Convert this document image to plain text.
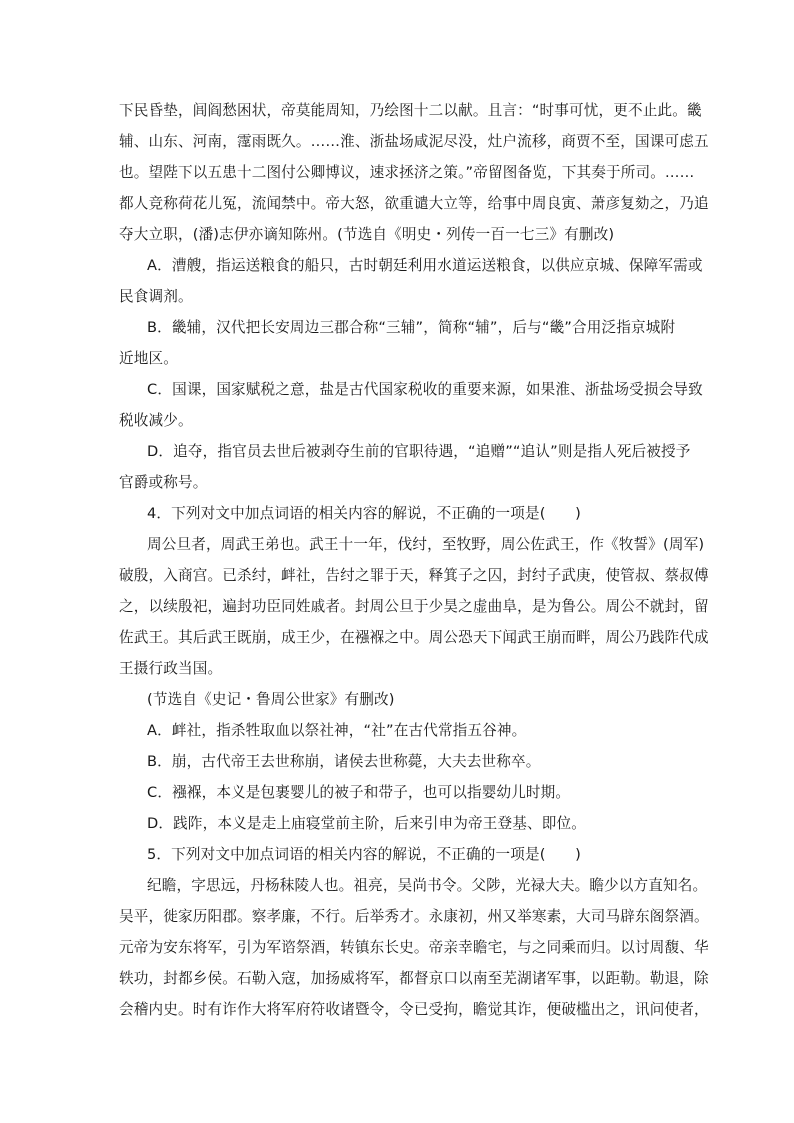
下民昏垫，闾阎愁困状，帝莫能周知，乃绘图十二以献。且言：“时事可忧，更不止此。畿
辅、山东、河南，霪雨既久。……淮、浙盐场咸泥尽没，灶户流移，商贾不至，国课可虑五
也。望陛下以五患十二图付公卿博议，速求拯济之策。”帝留图备览，下其奏于所司。……
都人竞称荷花儿冤，流闻禁中。帝大怒，欲重谴大立等，给事中周良寅、萧彦复劾之，乃追
夺大立职，(潘)志伊亦谪知陈州。(节选自《明史・列传一百一七三》有删改)
A．漕艘，指运送粮食的船只，古时朝廷利用水道运送粮食，以供应京城、保障军需或
民食调剂。
B．畿辅，汉代把长安周边三郡合称“三辅”，简称“辅”，后与“畿”合用泛指京城附
近地区。
C．国课，国家赋税之意，盐是古代国家税收的重要来源，如果淮、浙盐场受损会导致
税收减少。
D．追夺，指官员去世后被剥夺生前的官职待遇，“追赠”“追认”则是指人死后被授予
官爵或称号。
4．下列对文中加点词语的相关内容的解说，不正确的一项是(　　)
周公旦者，周武王弟也。武王十一年，伐纣，至牧野，周公佐武王，作《牧誓》(周军)
破殷，入商宫。已杀纣，衅社，告纣之罪于天，释箕子之囚，封纣子武庚，使管叔、蔡叔傅
之，以续殷祀，遍封功臣同姓戚者。封周公旦于少昊之虚曲阜，是为鲁公。周公不就封，留
佐武王。其后武王既崩，成王少，在襁褓之中。周公恐天下闻武王崩而畔，周公乃践阼代成
王摄行政当国。
(节选自《史记・鲁周公世家》有删改)
A．衅社，指杀牲取血以祭社神，“社”在古代常指五谷神。
B．崩，古代帝王去世称崩，诸侯去世称薨，大夫去世称卒。
C．襁褓，本义是包裹婴儿的被子和带子，也可以指婴幼儿时期。
D．践阼，本义是走上庙寝堂前主阶，后来引申为帝王登基、即位。
5．下列对文中加点词语的相关内容的解说，不正确的一项是(　　)
纪瞻，字思远，丹杨秣陵人也。祖亮，吴尚书令。父陟，光禄大夫。瞻少以方直知名。
吴平，徙家历阳郡。察孝廉，不行。后举秀才。永康初，州又举寒素，大司马辟东阁祭酒。
元帝为安东将军，引为军谘祭酒，转镇东长史。帝亲幸瞻宅，与之同乘而归。以讨周馥、华
轶功，封都乡侯。石勒入寇，加扬威将军，都督京口以南至芜湖诸军事，以距勒。勒退，除
会稽内史。时有诈作大将军府符收诸暨令，令已受拘，瞻觉其诈，便破槛出之，讯问使者，
